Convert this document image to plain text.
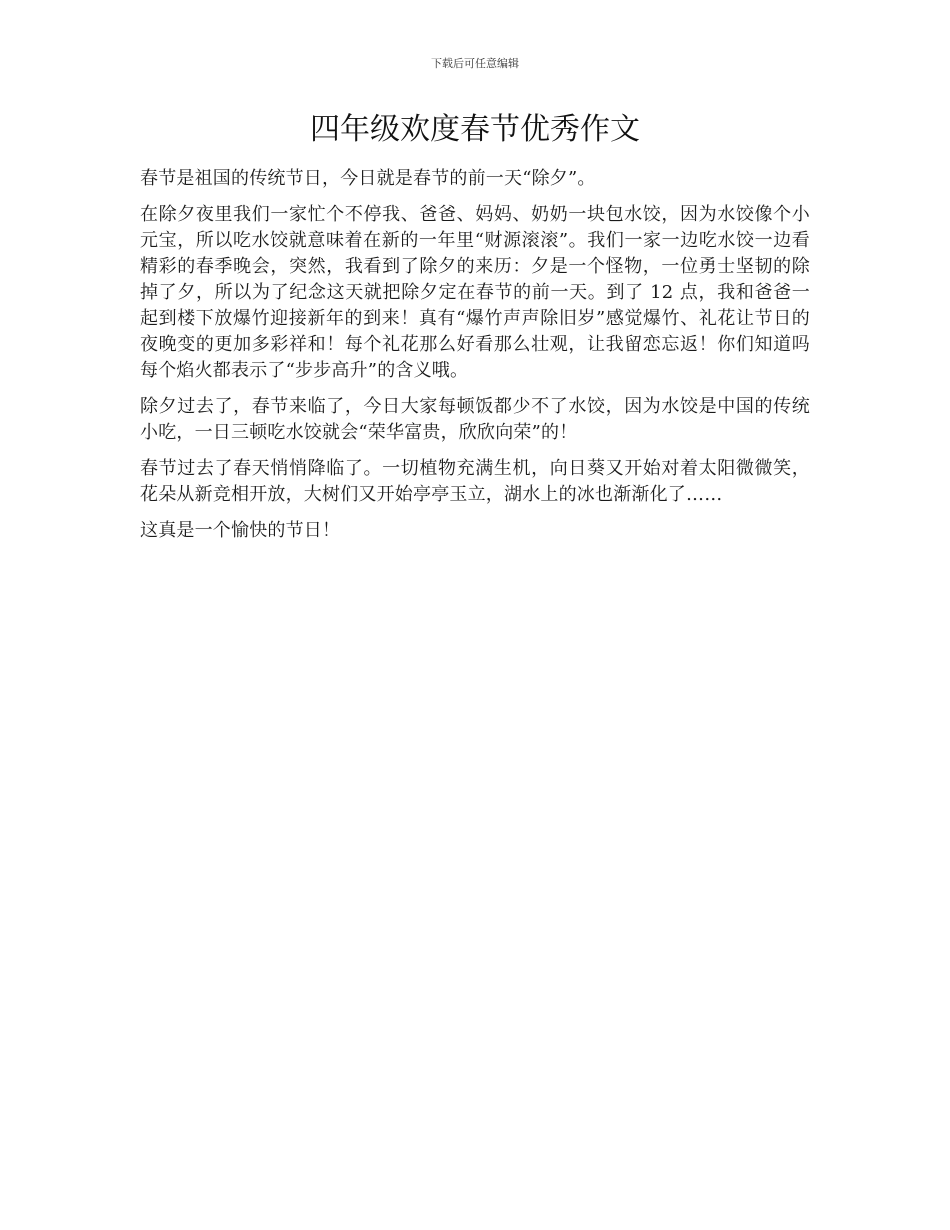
下载后可任意编辑
四年级欢度春节优秀作文

春节是祖国的传统节日，今日就是春节的前一天“除夕”。

在除夕夜里我们一家忙个不停我、爸爸、妈妈、奶奶一块包水饺，因为水饺像个小元宝，所以吃水饺就意味着在新的一年里“财源滚滚”。我们一家一边吃水饺一边看精彩的春季晚会，突然，我看到了除夕的来历：夕是一个怪物，一位勇士坚韧的除掉了夕，所以为了纪念这天就把除夕定在春节的前一天。到了 12 点，我和爸爸一起到楼下放爆竹迎接新年的到来！真有“爆竹声声除旧岁”感觉爆竹、礼花让节日的夜晚变的更加多彩祥和！每个礼花那么好看那么壮观，让我留恋忘返！你们知道吗每个焰火都表示了“步步高升”的含义哦。

除夕过去了，春节来临了，今日大家每顿饭都少不了水饺，因为水饺是中国的传统小吃，一日三顿吃水饺就会“荣华富贵，欣欣向荣”的！

春节过去了春天悄悄降临了。一切植物充满生机，向日葵又开始对着太阳微微笑，花朵从新竞相开放，大树们又开始亭亭玉立，湖水上的冰也渐渐化了……

这真是一个愉快的节日！
